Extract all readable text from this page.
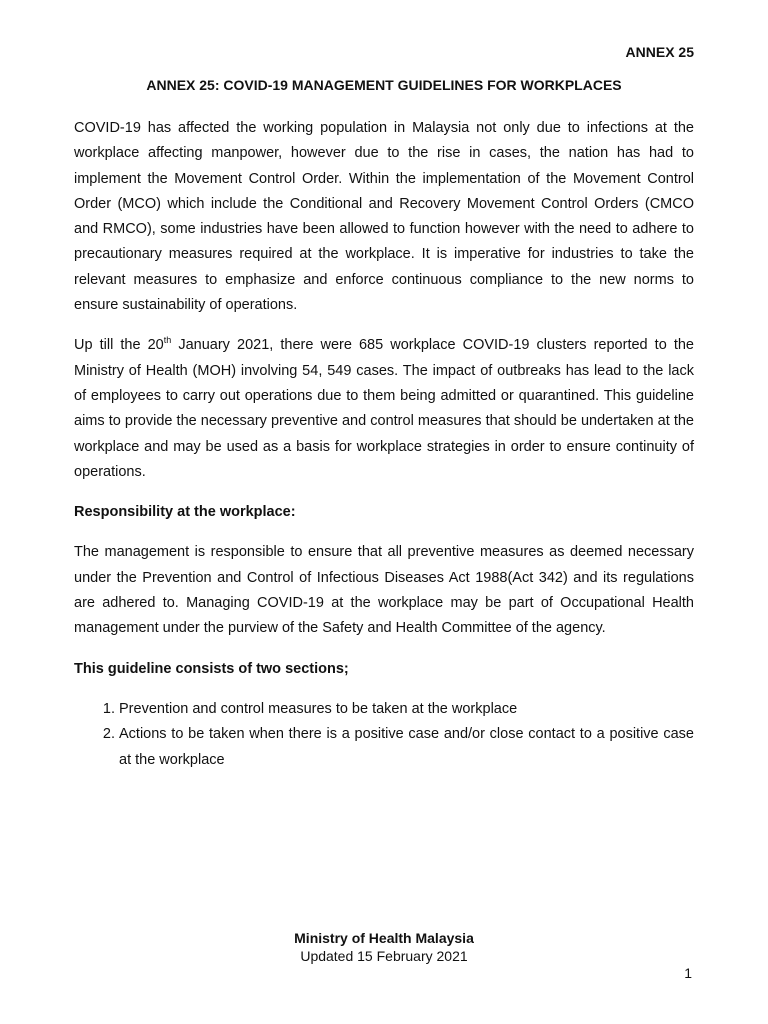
ANNEX 25
ANNEX 25: COVID-19 MANAGEMENT GUIDELINES FOR WORKPLACES

COVID-19 has affected the working population in Malaysia not only due to infections at the workplace affecting manpower, however due to the rise in cases, the nation has had to implement the Movement Control Order. Within the implementation of the Movement Control Order (MCO) which include the Conditional and Recovery Movement Control Orders (CMCO and RMCO), some industries have been allowed to function however with the need to adhere to precautionary measures required at the workplace. It is imperative for industries to take the relevant measures to emphasize and enforce continuous compliance to the new norms to ensure sustainability of operations.

Up till the 20th January 2021, there were 685 workplace COVID-19 clusters reported to the Ministry of Health (MOH) involving 54, 549 cases. The impact of outbreaks has lead to the lack of employees to carry out operations due to them being admitted or quarantined. This guideline aims to provide the necessary preventive and control measures that should be undertaken at the workplace and may be used as a basis for workplace strategies in order to ensure continuity of operations.

Responsibility at the workplace:

The management is responsible to ensure that all preventive measures as deemed necessary under the Prevention and Control of Infectious Diseases Act 1988(Act 342) and its regulations are adhered to. Managing COVID-19 at the workplace may be part of Occupational Health management under the purview of the Safety and Health Committee of the agency.

This guideline consists of two sections;

1. Prevention and control measures to be taken at the workplace
2. Actions to be taken when there is a positive case and/or close contact to a positive case at the workplace
Ministry of Health Malaysia
Updated 15 February 2021
1
